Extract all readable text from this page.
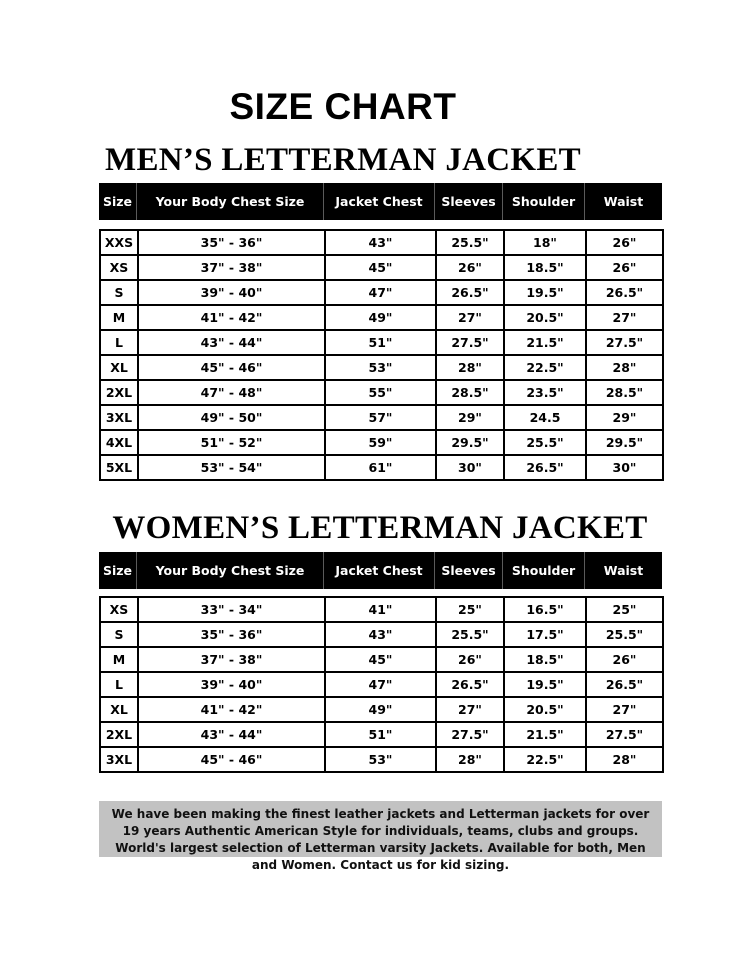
SIZE CHART
MEN’S LETTERMAN JACKET
Size	Your Body Chest Size	Jacket Chest	Sleeves	Shoulder	Waist
XXS	35" - 36"	43"	25.5"	18"	26"
XS	37" - 38"	45"	26"	18.5"	26"
S	39" - 40"	47"	26.5"	19.5"	26.5"
M	41" - 42"	49"	27"	20.5"	27"
L	43" - 44"	51"	27.5"	21.5"	27.5"
XL	45" - 46"	53"	28"	22.5"	28"
2XL	47" - 48"	55"	28.5"	23.5"	28.5"
3XL	49" - 50"	57"	29"	24.5	29"
4XL	51" - 52"	59"	29.5"	25.5"	29.5"
5XL	53" - 54"	61"	30"	26.5"	30"
WOMEN’S LETTERMAN JACKET
Size	Your Body Chest Size	Jacket Chest	Sleeves	Shoulder	Waist
XS	33" - 34"	41"	25"	16.5"	25"
S	35" - 36"	43"	25.5"	17.5"	25.5"
M	37" - 38"	45"	26"	18.5"	26"
L	39" - 40"	47"	26.5"	19.5"	26.5"
XL	41" - 42"	49"	27"	20.5"	27"
2XL	43" - 44"	51"	27.5"	21.5"	27.5"
3XL	45" - 46"	53"	28"	22.5"	28"
We have been making the finest leather jackets and Letterman jackets for over 19 years Authentic American Style for individuals, teams, clubs and groups. World's largest selection of Letterman varsity Jackets. Available for both, Men and Women. Contact us for kid sizing.
